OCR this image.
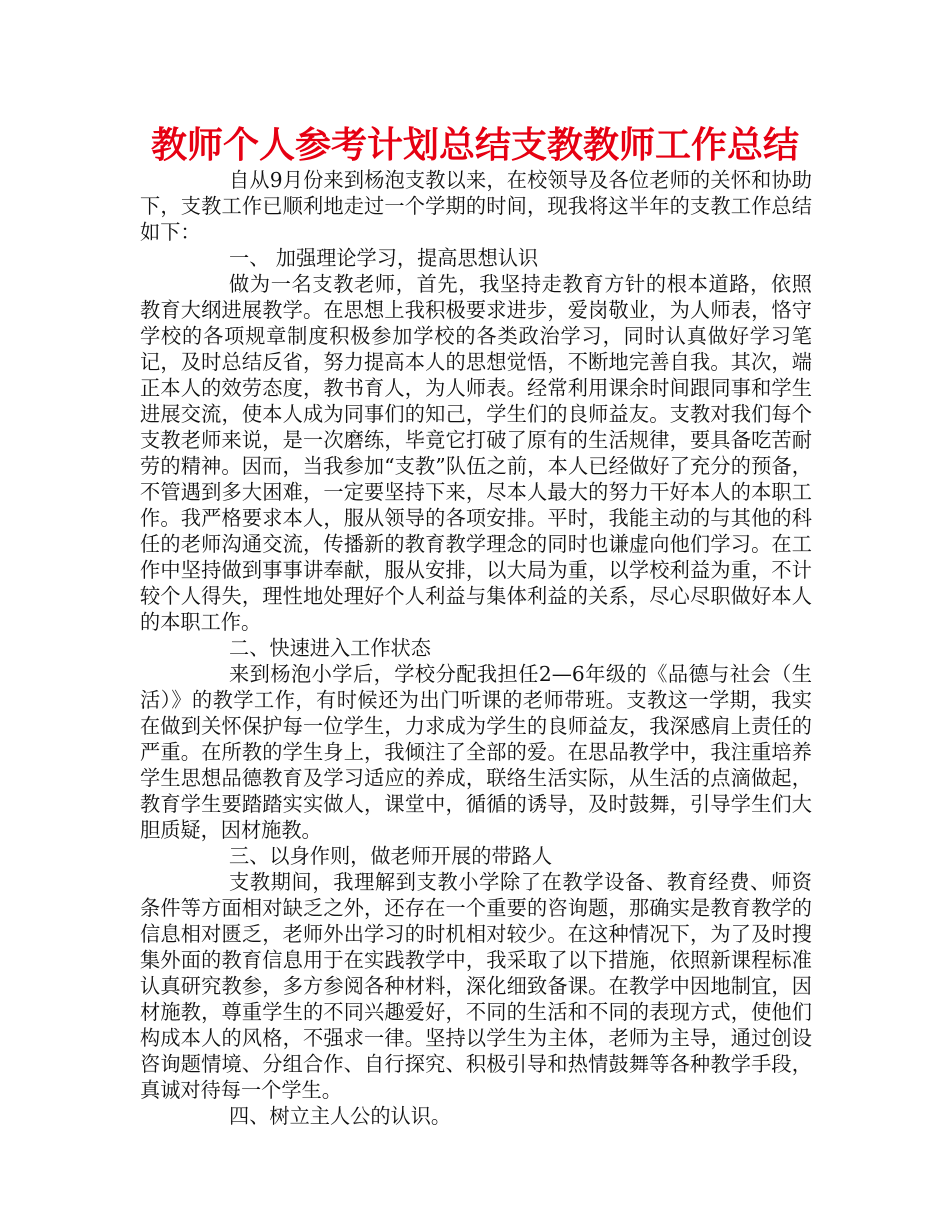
教师个人参考计划总结支教教师工作总结

自从9月份来到杨泡支教以来，在校领导及各位老师的关怀和协助下，支教工作已顺利地走过一个学期的时间，现我将这半年的支教工作总结如下：

一、 加强理论学习，提高思想认识

做为一名支教老师，首先，我坚持走教育方针的根本道路，依照教育大纲进展教学。在思想上我积极要求进步，爱岗敬业，为人师表，恪守学校的各项规章制度积极参加学校的各类政治学习，同时认真做好学习笔记，及时总结反省，努力提高本人的思想觉悟，不断地完善自我。其次，端正本人的效劳态度，教书育人，为人师表。经常利用课余时间跟同事和学生进展交流，使本人成为同事们的知己，学生们的良师益友。支教对我们每个支教老师来说，是一次磨练，毕竟它打破了原有的生活规律，要具备吃苦耐劳的精神。因而，当我参加“支教”队伍之前，本人已经做好了充分的预备，不管遇到多大困难，一定要坚持下来，尽本人最大的努力干好本人的本职工作。我严格要求本人，服从领导的各项安排。平时，我能主动的与其他的科任的老师沟通交流，传播新的教育教学理念的同时也谦虚向他们学习。在工作中坚持做到事事讲奉献，服从安排，以大局为重，以学校利益为重，不计较个人得失，理性地处理好个人利益与集体利益的关系，尽心尽职做好本人的本职工作。

二、快速进入工作状态

来到杨泡小学后，学校分配我担任2—6年级的《品德与社会（生活）》的教学工作，有时候还为出门听课的老师带班。支教这一学期，我实在做到关怀保护每一位学生，力求成为学生的良师益友，我深感肩上责任的严重。在所教的学生身上，我倾注了全部的爱。在思品教学中，我注重培养学生思想品德教育及学习适应的养成，联络生活实际，从生活的点滴做起，教育学生要踏踏实实做人，课堂中，循循的诱导，及时鼓舞，引导学生们大胆质疑，因材施教。

三、以身作则，做老师开展的带路人

支教期间，我理解到支教小学除了在教学设备、教育经费、师资条件等方面相对缺乏之外，还存在一个重要的咨询题，那确实是教育教学的信息相对匮乏，老师外出学习的时机相对较少。在这种情况下，为了及时搜集外面的教育信息用于在实践教学中，我采取了以下措施，依照新课程标准认真研究教参，多方参阅各种材料，深化细致备课。在教学中因地制宜，因材施教，尊重学生的不同兴趣爱好，不同的生活和不同的表现方式，使他们构成本人的风格，不强求一律。坚持以学生为主体，老师为主导，通过创设咨询题情境、分组合作、自行探究、积极引导和热情鼓舞等各种教学手段，真诚对待每一个学生。

四、树立主人公的认识。
